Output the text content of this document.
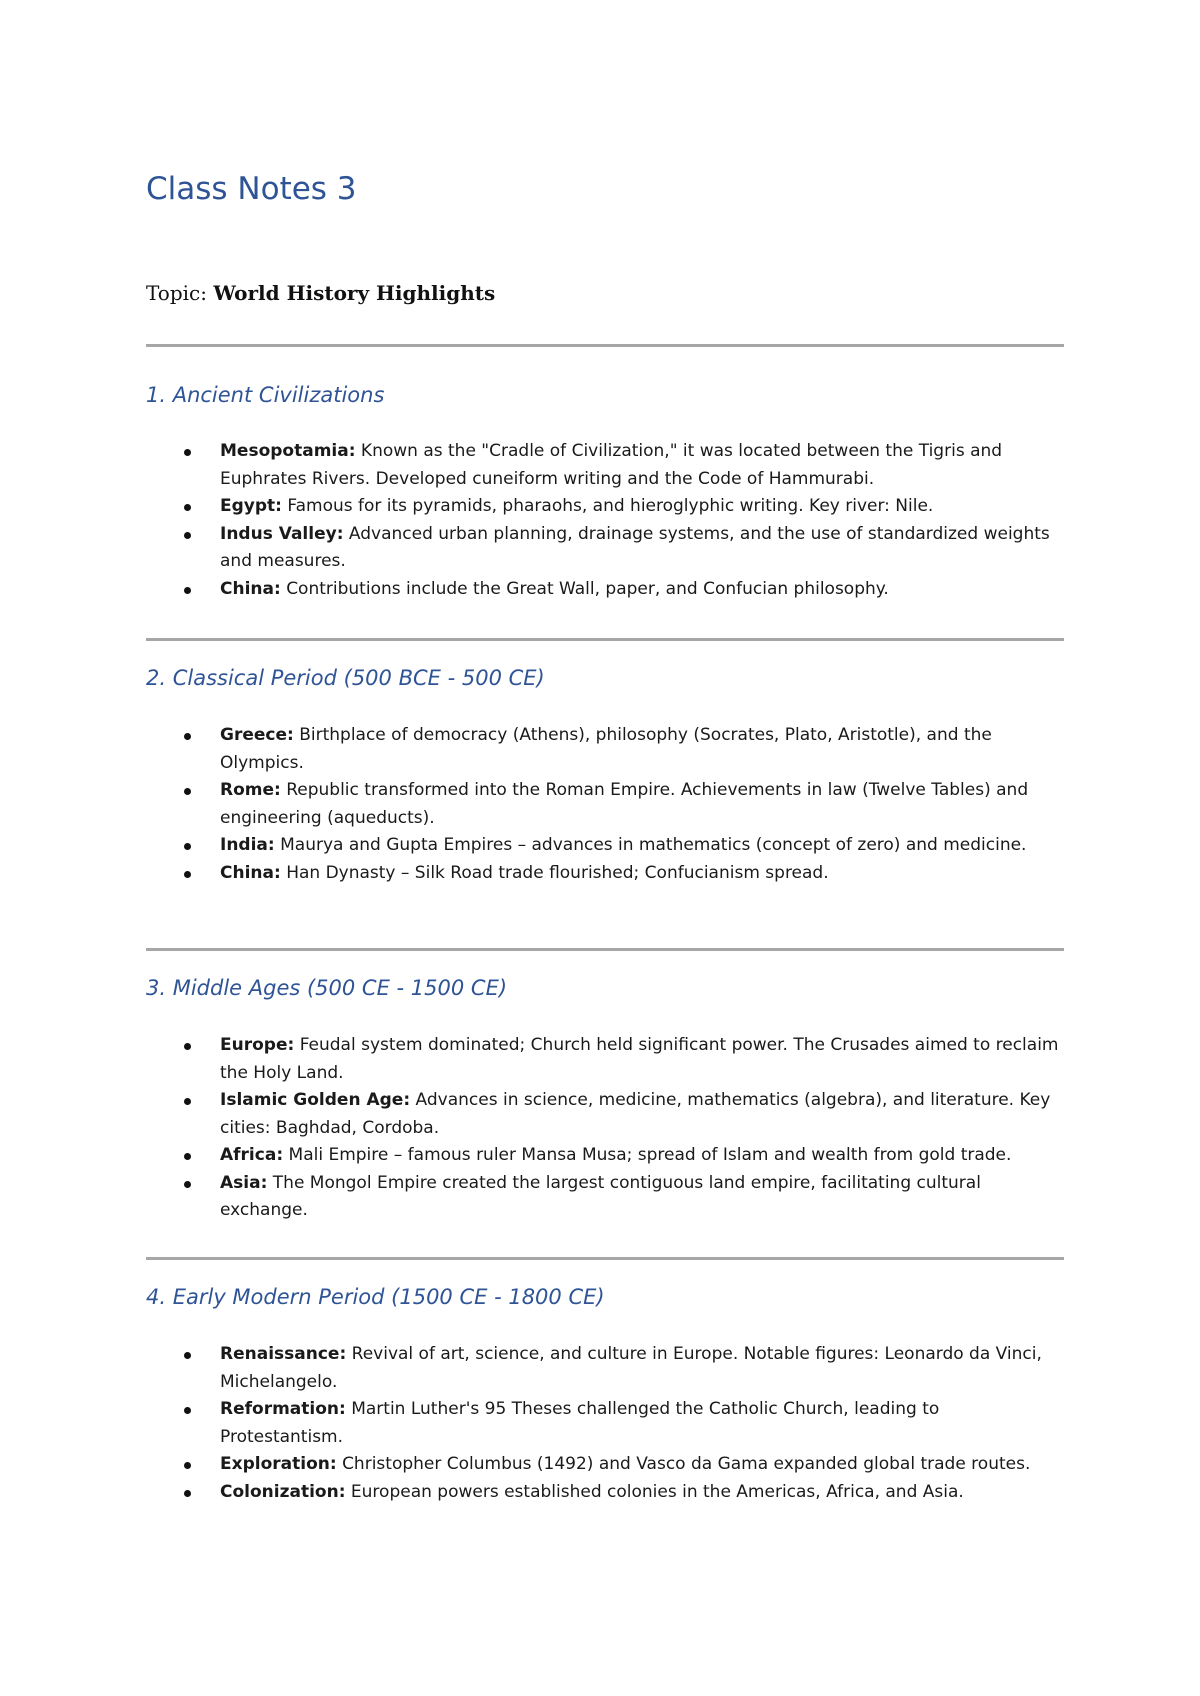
Class Notes 3

Topic: World History Highlights

1. Ancient Civilizations
Mesopotamia: Known as the "Cradle of Civilization," it was located between the Tigris and Euphrates Rivers. Developed cuneiform writing and the Code of Hammurabi.
Egypt: Famous for its pyramids, pharaohs, and hieroglyphic writing. Key river: Nile.
Indus Valley: Advanced urban planning, drainage systems, and the use of standardized weights and measures.
China: Contributions include the Great Wall, paper, and Confucian philosophy.
2. Classical Period (500 BCE - 500 CE)
Greece: Birthplace of democracy (Athens), philosophy (Socrates, Plato, Aristotle), and the Olympics.
Rome: Republic transformed into the Roman Empire. Achievements in law (Twelve Tables) and engineering (aqueducts).
India: Maurya and Gupta Empires – advances in mathematics (concept of zero) and medicine.
China: Han Dynasty – Silk Road trade flourished; Confucianism spread.
3. Middle Ages (500 CE - 1500 CE)
Europe: Feudal system dominated; Church held significant power. The Crusades aimed to reclaim the Holy Land.
Islamic Golden Age: Advances in science, medicine, mathematics (algebra), and literature. Key cities: Baghdad, Cordoba.
Africa: Mali Empire – famous ruler Mansa Musa; spread of Islam and wealth from gold trade.
Asia: The Mongol Empire created the largest contiguous land empire, facilitating cultural exchange.
4. Early Modern Period (1500 CE - 1800 CE)
Renaissance: Revival of art, science, and culture in Europe. Notable figures: Leonardo da Vinci, Michelangelo.
Reformation: Martin Luther's 95 Theses challenged the Catholic Church, leading to Protestantism.
Exploration: Christopher Columbus (1492) and Vasco da Gama expanded global trade routes.
Colonization: European powers established colonies in the Americas, Africa, and Asia.
